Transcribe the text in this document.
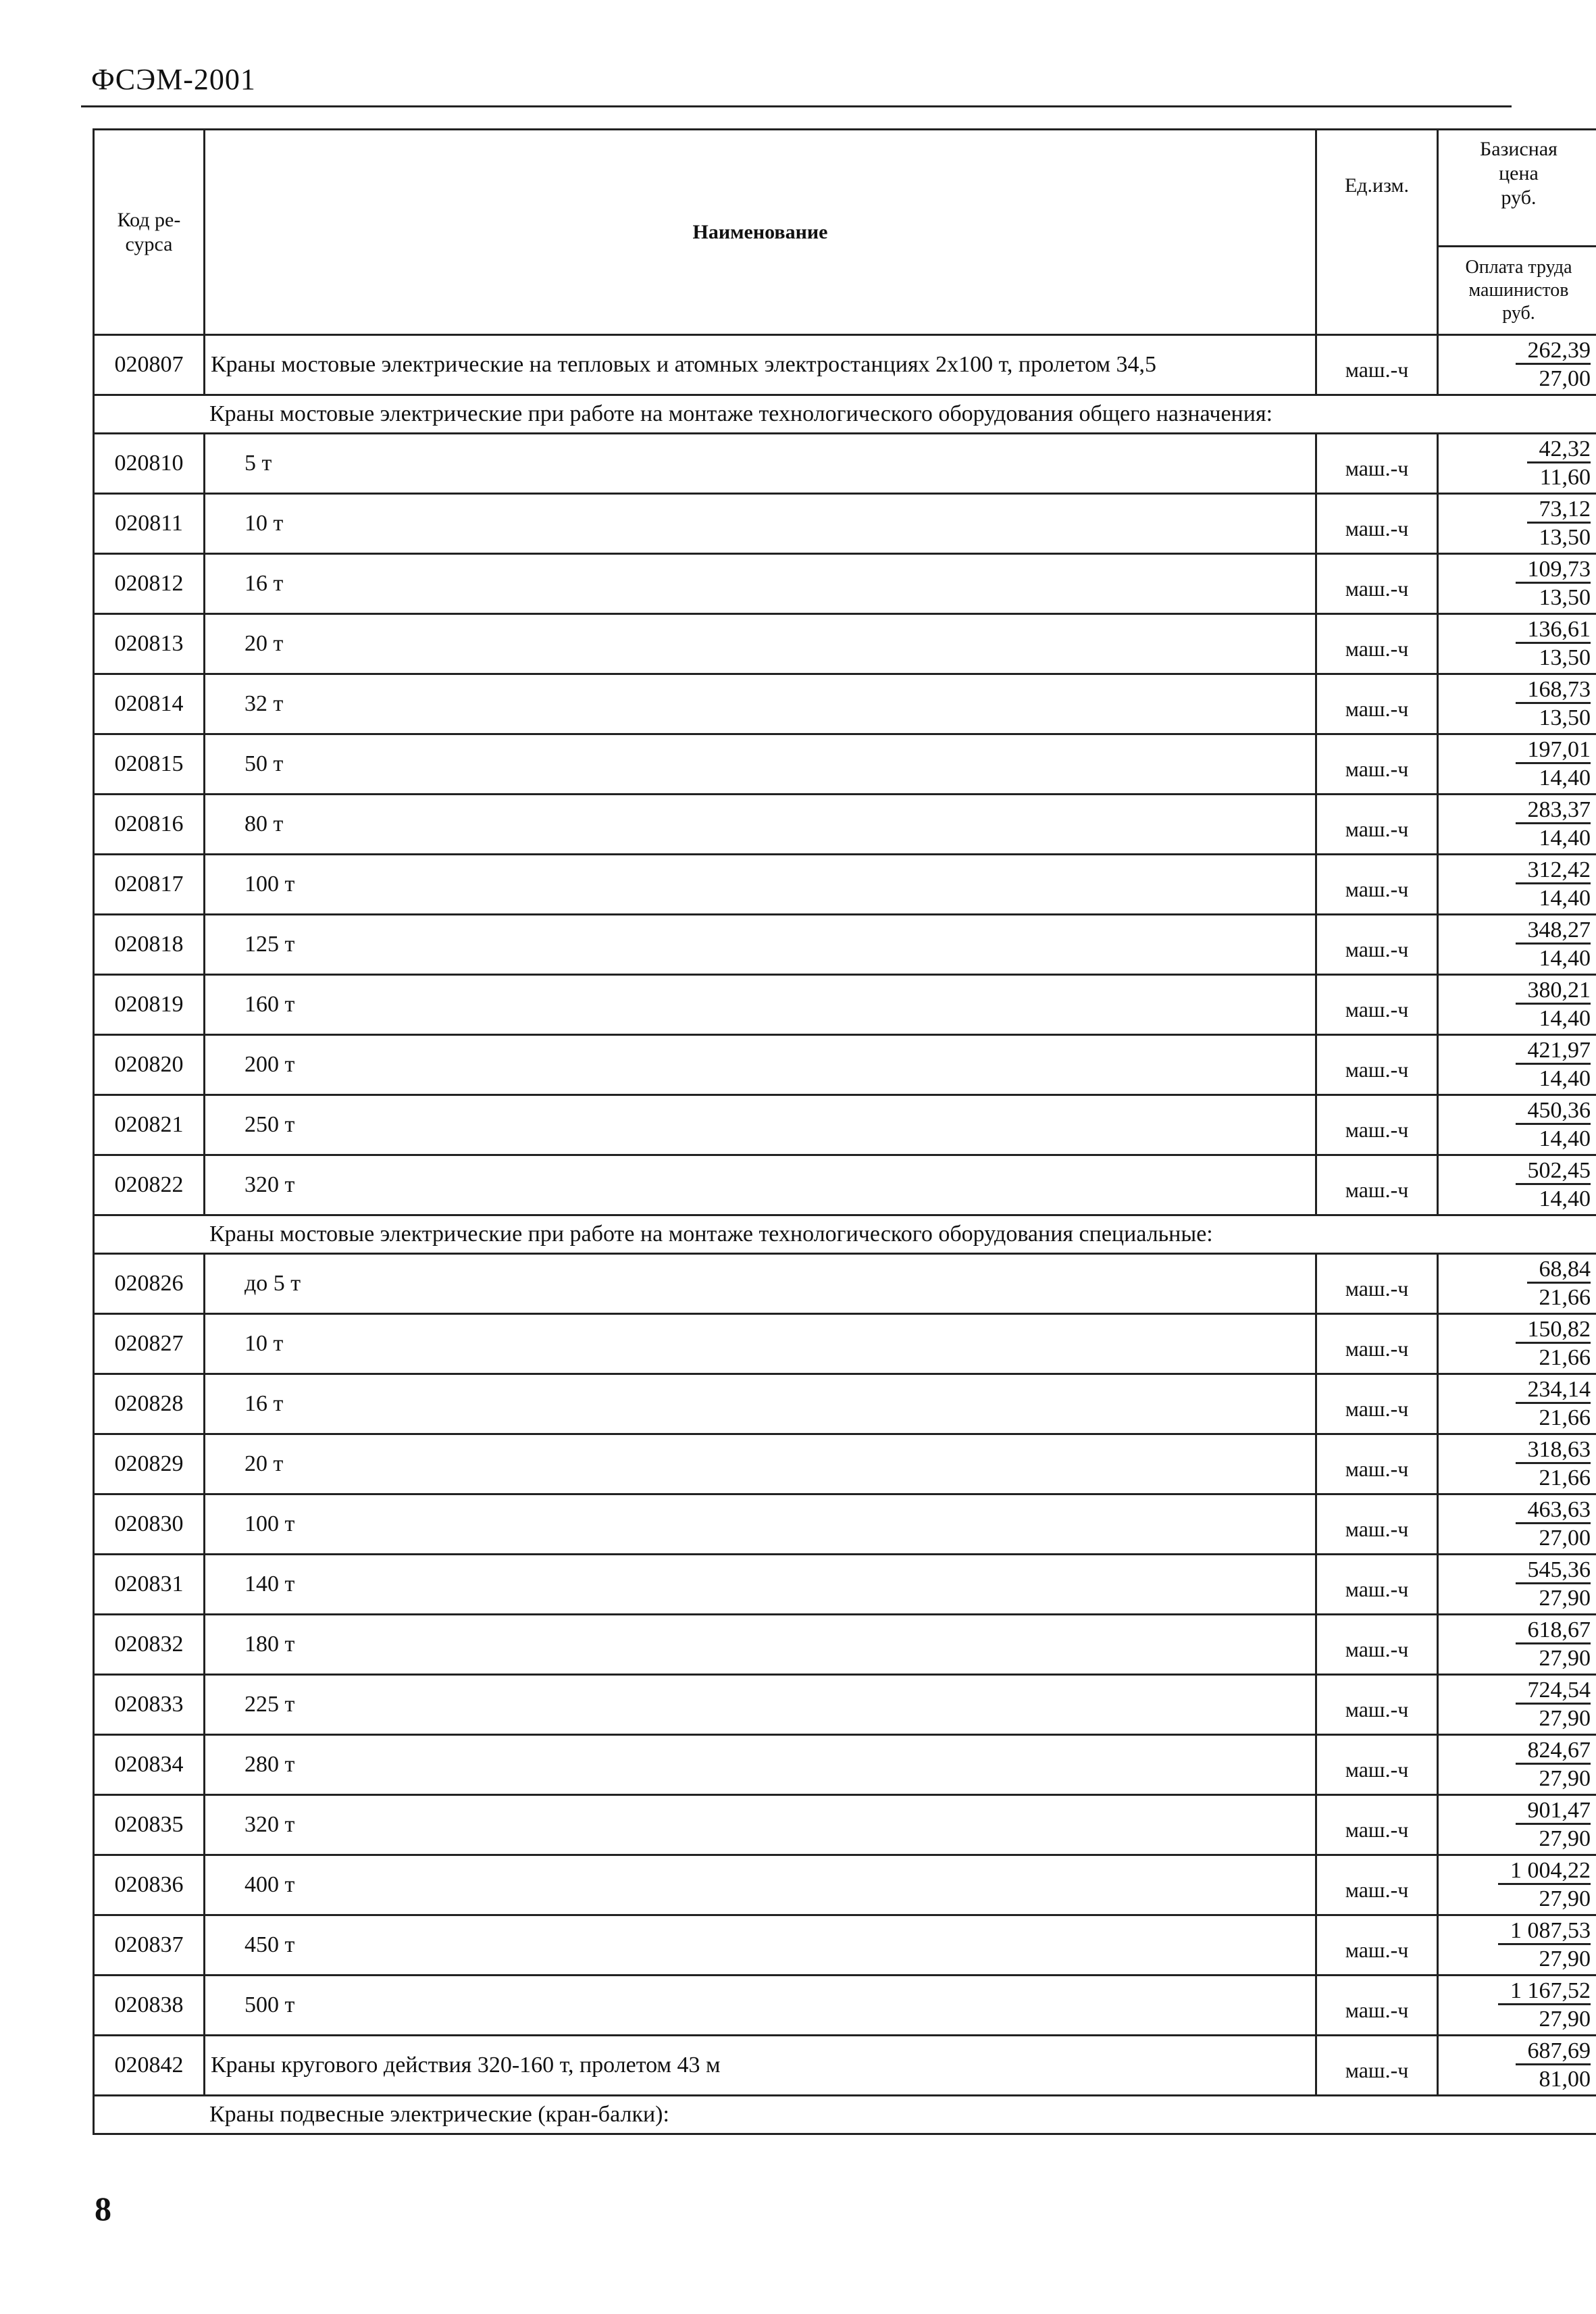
ФСЭМ-2001
Код ре-
сурса	Наименование	Ед.изм.	Базисная
цена
руб.
			Оплата труда
машинистов
руб.
020807	Краны мостовые электрические на тепловых и атомных электростанциях 2x100 т, пролетом 34,5	маш.-ч	262,39
27,00

Краны мостовые электрические при работе на монтаже технологического оборудования общего назначения:			
020810	5 т	маш.-ч	42,32
11,60

020811	10 т	маш.-ч	73,12
13,50

020812	16 т	маш.-ч	109,73
13,50

020813	20 т	маш.-ч	136,61
13,50

020814	32 т	маш.-ч	168,73
13,50

020815	50 т	маш.-ч	197,01
14,40

020816	80 т	маш.-ч	283,37
14,40

020817	100 т	маш.-ч	312,42
14,40

020818	125 т	маш.-ч	348,27
14,40

020819	160 т	маш.-ч	380,21
14,40

020820	200 т	маш.-ч	421,97
14,40

020821	250 т	маш.-ч	450,36
14,40

020822	320 т	маш.-ч	502,45
14,40

Краны мостовые электрические при работе на монтаже технологического оборудования специальные:			
020826	до 5 т	маш.-ч	68,84
21,66

020827	10 т	маш.-ч	150,82
21,66

020828	16 т	маш.-ч	234,14
21,66

020829	20 т	маш.-ч	318,63
21,66

020830	100 т	маш.-ч	463,63
27,00

020831	140 т	маш.-ч	545,36
27,90

020832	180 т	маш.-ч	618,67
27,90

020833	225 т	маш.-ч	724,54
27,90

020834	280 т	маш.-ч	824,67
27,90

020835	320 т	маш.-ч	901,47
27,90

020836	400 т	маш.-ч	1 004,22
27,90

020837	450 т	маш.-ч	1 087,53
27,90

020838	500 т	маш.-ч	1 167,52
27,90

020842	Краны кругового действия 320-160 т, пролетом 43 м	маш.-ч	687,69
81,00

Краны подвесные электрические (кран-балки):			
8
